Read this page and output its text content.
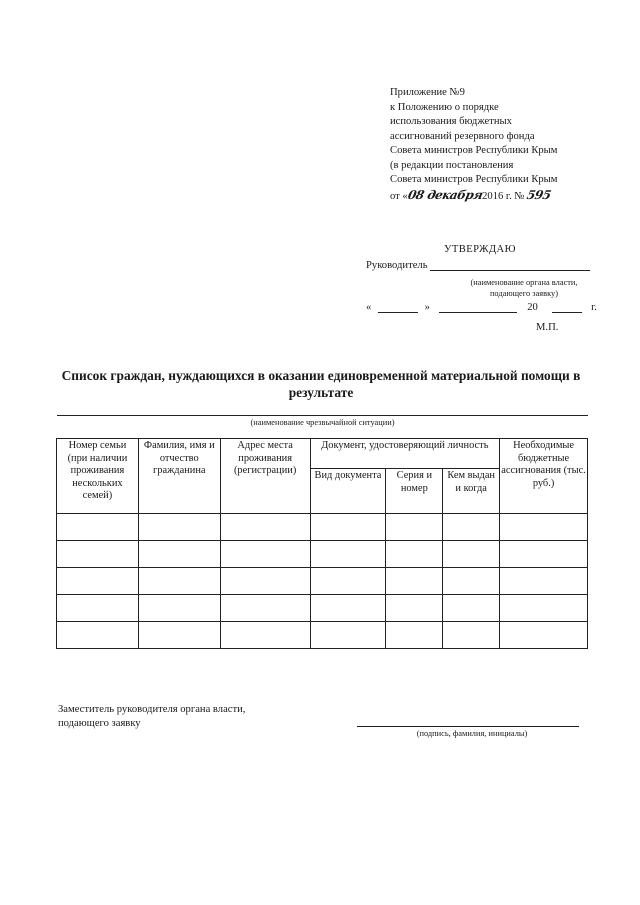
Приложение №9
к Положению о порядке
использования бюджетных
ассигнований резервного фонда
Совета министров Республики Крым
(в редакции постановления
Совета министров Республики Крым
от «08 декабря2016 г. № 595
УТВЕРЖДАЮ
Руководитель
(наименование органа власти, подающего заявку)
«	»	20	г.
М.П.
Список граждан, нуждающихся в оказании единовременной материальной помощи в результате
(наименование чрезвычайной ситуации)
Номер семьи (при наличии проживания нескольких семей)	Фамилия, имя и отчество гражданина	Адрес места проживания (регистрации)	Документ, удостоверяющий личность			Необходимые бюджетные ассигнования (тыс. руб.)
			Вид документа	Серия и номер	Кем выдан и когда	

Заместитель руководителя органа власти,
подающего заявку
(подпись, фамилия, инициалы)
